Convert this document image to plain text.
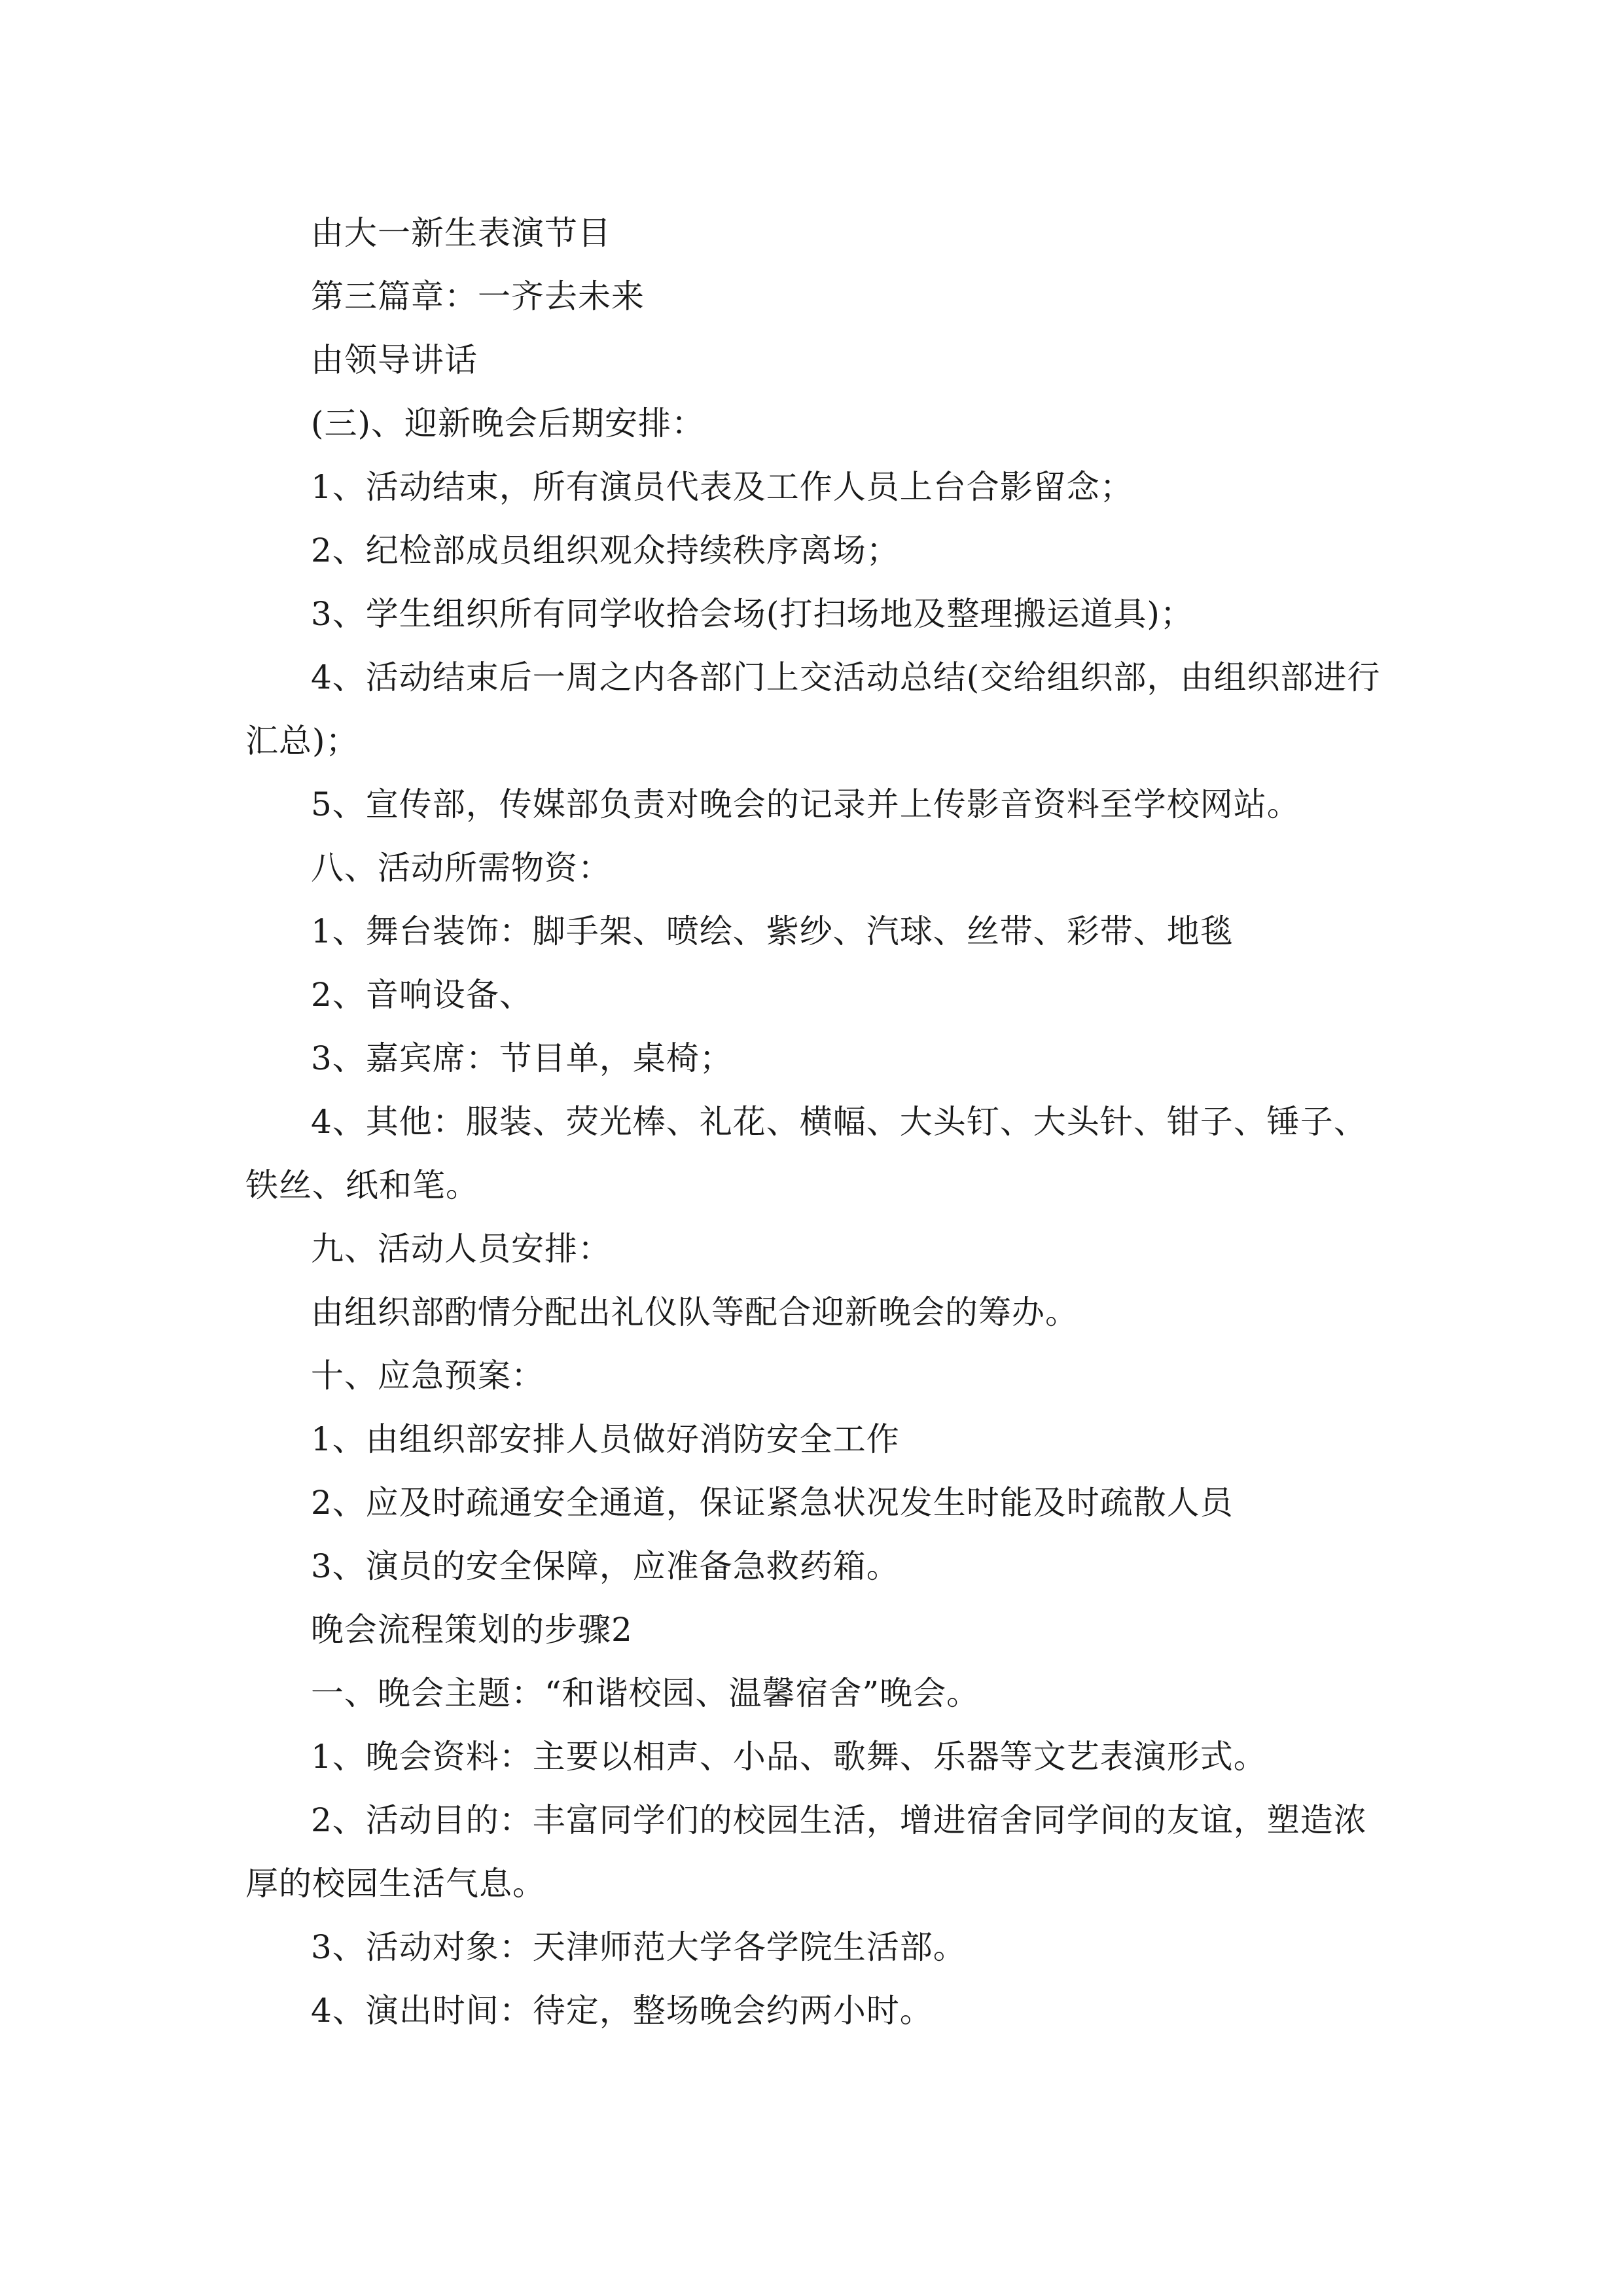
由大一新生表演节目

第三篇章：一齐去未来

由领导讲话

(三)、迎新晚会后期安排：

1、活动结束，所有演员代表及工作人员上台合影留念；

2、纪检部成员组织观众持续秩序离场；

3、学生组织所有同学收拾会场(打扫场地及整理搬运道具)；

4、活动结束后一周之内各部门上交活动总结(交给组织部，由组织部进行汇总)；

5、宣传部，传媒部负责对晚会的记录并上传影音资料至学校网站。

八、活动所需物资：

1、舞台装饰：脚手架、喷绘、紫纱、汽球、丝带、彩带、地毯

2、音响设备、

3、嘉宾席：节目单，桌椅；

4、其他：服装、荧光棒、礼花、横幅、大头钉、大头针、钳子、锤子、铁丝、纸和笔。

九、活动人员安排：

由组织部酌情分配出礼仪队等配合迎新晚会的筹办。

十、应急预案：

1、由组织部安排人员做好消防安全工作

2、应及时疏通安全通道，保证紧急状况发生时能及时疏散人员

3、演员的安全保障，应准备急救药箱。

晚会流程策划的步骤2

一、晚会主题：“和谐校园、温馨宿舍”晚会。

1、晚会资料：主要以相声、小品、歌舞、乐器等文艺表演形式。

2、活动目的：丰富同学们的校园生活，增进宿舍同学间的友谊，塑造浓厚的校园生活气息。

3、活动对象：天津师范大学各学院生活部。

4、演出时间：待定，整场晚会约两小时。
